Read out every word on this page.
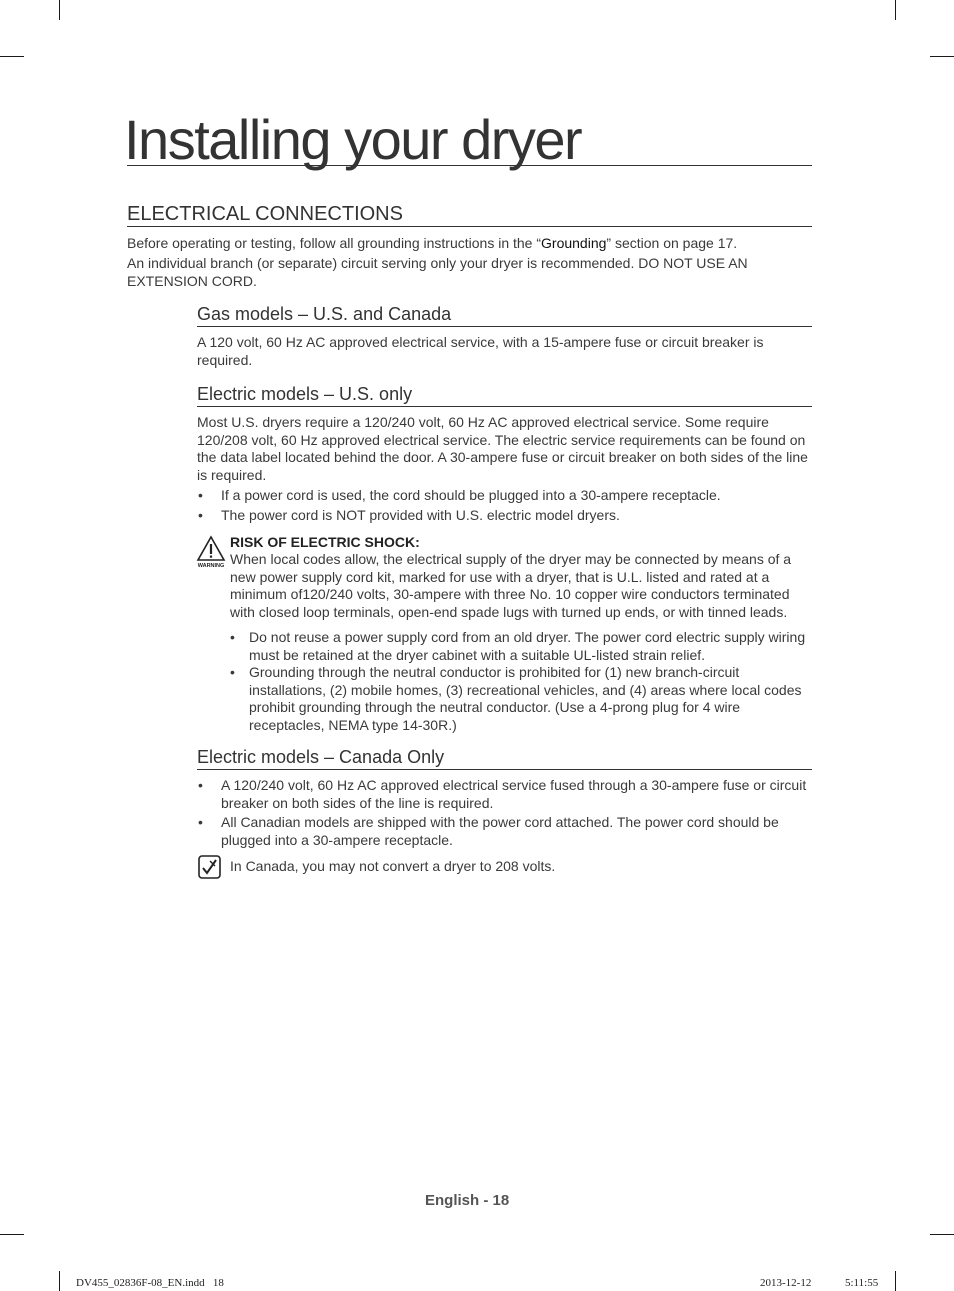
Installing your dryer
ELECTRICAL CONNECTIONS
Before operating or testing, follow all grounding instructions in the “Grounding” section on page 17.
An individual branch (or separate) circuit serving only your dryer is recommended. DO NOT USE AN EXTENSION CORD.
Gas models – U.S. and Canada
A 120 volt, 60 Hz AC approved electrical service, with a 15-ampere fuse or circuit breaker is required.
Electric models – U.S. only
Most U.S. dryers require a 120/240 volt, 60 Hz AC approved electrical service. Some require 120/208 volt, 60 Hz approved electrical service. The electric service requirements can be found on the data label located behind the door. A 30-ampere fuse or circuit breaker on both sides of the line is required.
• If a power cord is used, the cord should be plugged into a 30-ampere receptacle.
• The power cord is NOT provided with U.S. electric model dryers.
WARNING
RISK OF ELECTRIC SHOCK:
When local codes allow, the electrical supply of the dryer may be connected by means of a new power supply cord kit, marked for use with a dryer, that is U.L. listed and rated at a minimum of120/240 volts, 30-ampere with three No. 10 copper wire conductors terminated with closed loop terminals, open-end spade lugs with turned up ends, or with tinned leads.
• Do not reuse a power supply cord from an old dryer. The power cord electric supply wiring must be retained at the dryer cabinet with a suitable UL-listed strain relief.
• Grounding through the neutral conductor is prohibited for (1) new branch-circuit installations, (2) mobile homes, (3) recreational vehicles, and (4) areas where local codes prohibit grounding through the neutral conductor. (Use a 4-prong plug for 4 wire receptacles, NEMA type 14-30R.)
Electric models – Canada Only
• A 120/240 volt, 60 Hz AC approved electrical service fused through a 30-ampere fuse or circuit breaker on both sides of the line is required.
• All Canadian models are shipped with the power cord attached. The power cord should be plugged into a 30-ampere receptacle.
In Canada, you may not convert a dryer to 208 volts.
English - 18
DV455_02836F-08_EN.indd   18	2013-12-12	5:11:55
